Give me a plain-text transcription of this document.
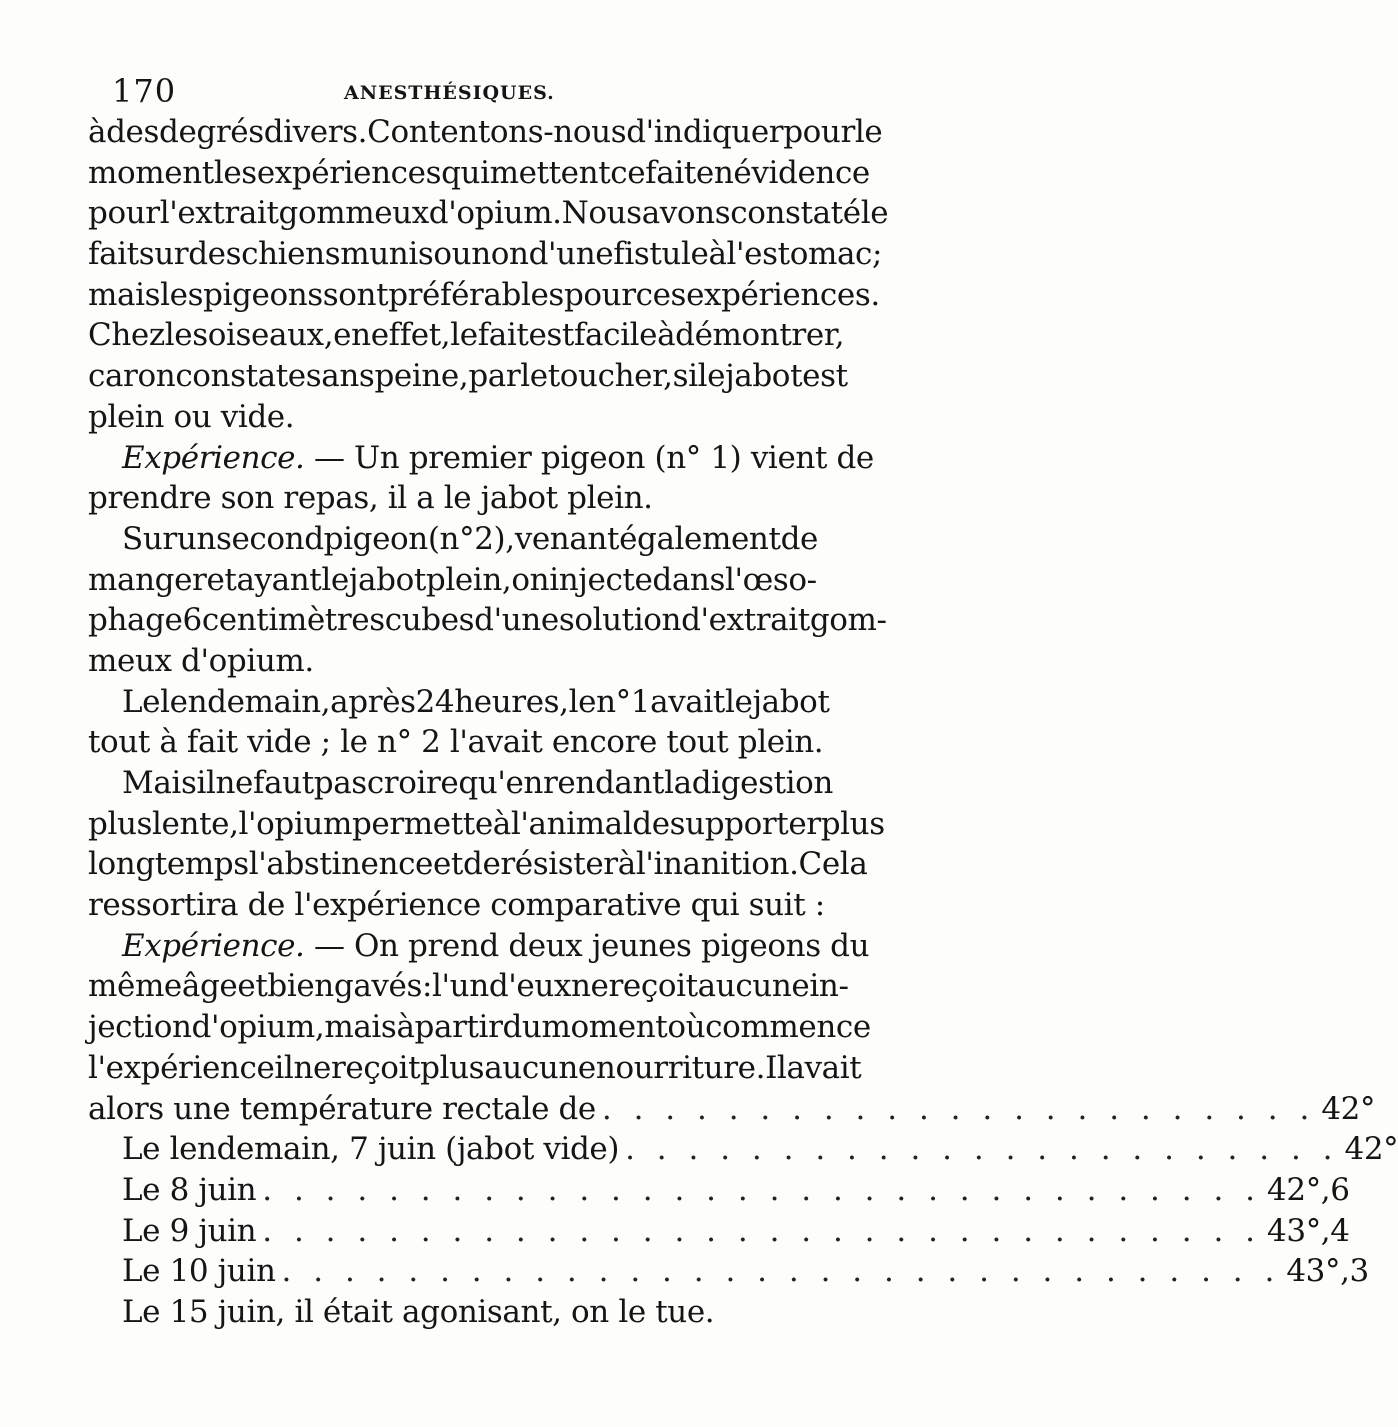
170	ANESTHÉSIQUES.
à des degrés divers. Contentons-nous d'indiquer pour le
moment les expériences qui mettent ce fait en évidence
pour l'extrait gommeux d'opium. Nous avons constaté le
fait sur des chiens munis ou non d'une fistule à l'estomac;
mais les pigeons sont préférables pour ces expériences.
Chez les oiseaux, en effet, le fait est facile à démontrer,
car on constate sans peine, par le toucher, si le jabot est
plein ou vide.
Expérience. — Un premier pigeon (n° 1) vient de
prendre son repas, il a le jabot plein.
Sur un second pigeon (n° 2), venant également de
manger et ayant le jabot plein, on injecte dans l'œso-
phage 6 centimètres cubes d'une solution d'extrait gom-
meux d'opium.
Le lendemain, après 24 heures, le n° 1 avait le jabot
tout à fait vide ; le n° 2 l'avait encore tout plein.
Mais il ne faut pas croire qu'en rendant la digestion
plus lente, l'opium permette à l'animal de supporter plus
longtemps l'abstinence et de résister à l'inanition. Cela
ressortira de l'expérience comparative qui suit :
Expérience. — On prend deux jeunes pigeons du
même âge et bien gavés : l'un d'eux ne reçoit aucune in-
jection d'opium, mais à partir du moment où commence
l'expérience il ne reçoit plus aucune nourriture. Il avait
alors une température rectale de . . . . . . . . . . . . . . . . . . . . . . . 42°
Le lendemain, 7 juin (jabot vide) . . . . . . . . . . . . . . . . . . . . . . . 42°
Le 8 juin . . . . . . . . . . . . . . . . . . . . . . . . . . . . . . . . 42°,6
Le 9 juin . . . . . . . . . . . . . . . . . . . . . . . . . . . . . . . . 43°,4
Le 10 juin . . . . . . . . . . . . . . . . . . . . . . . . . . . . . . . . 43°,3
Le 15 juin, il était agonisant, on le tue.
